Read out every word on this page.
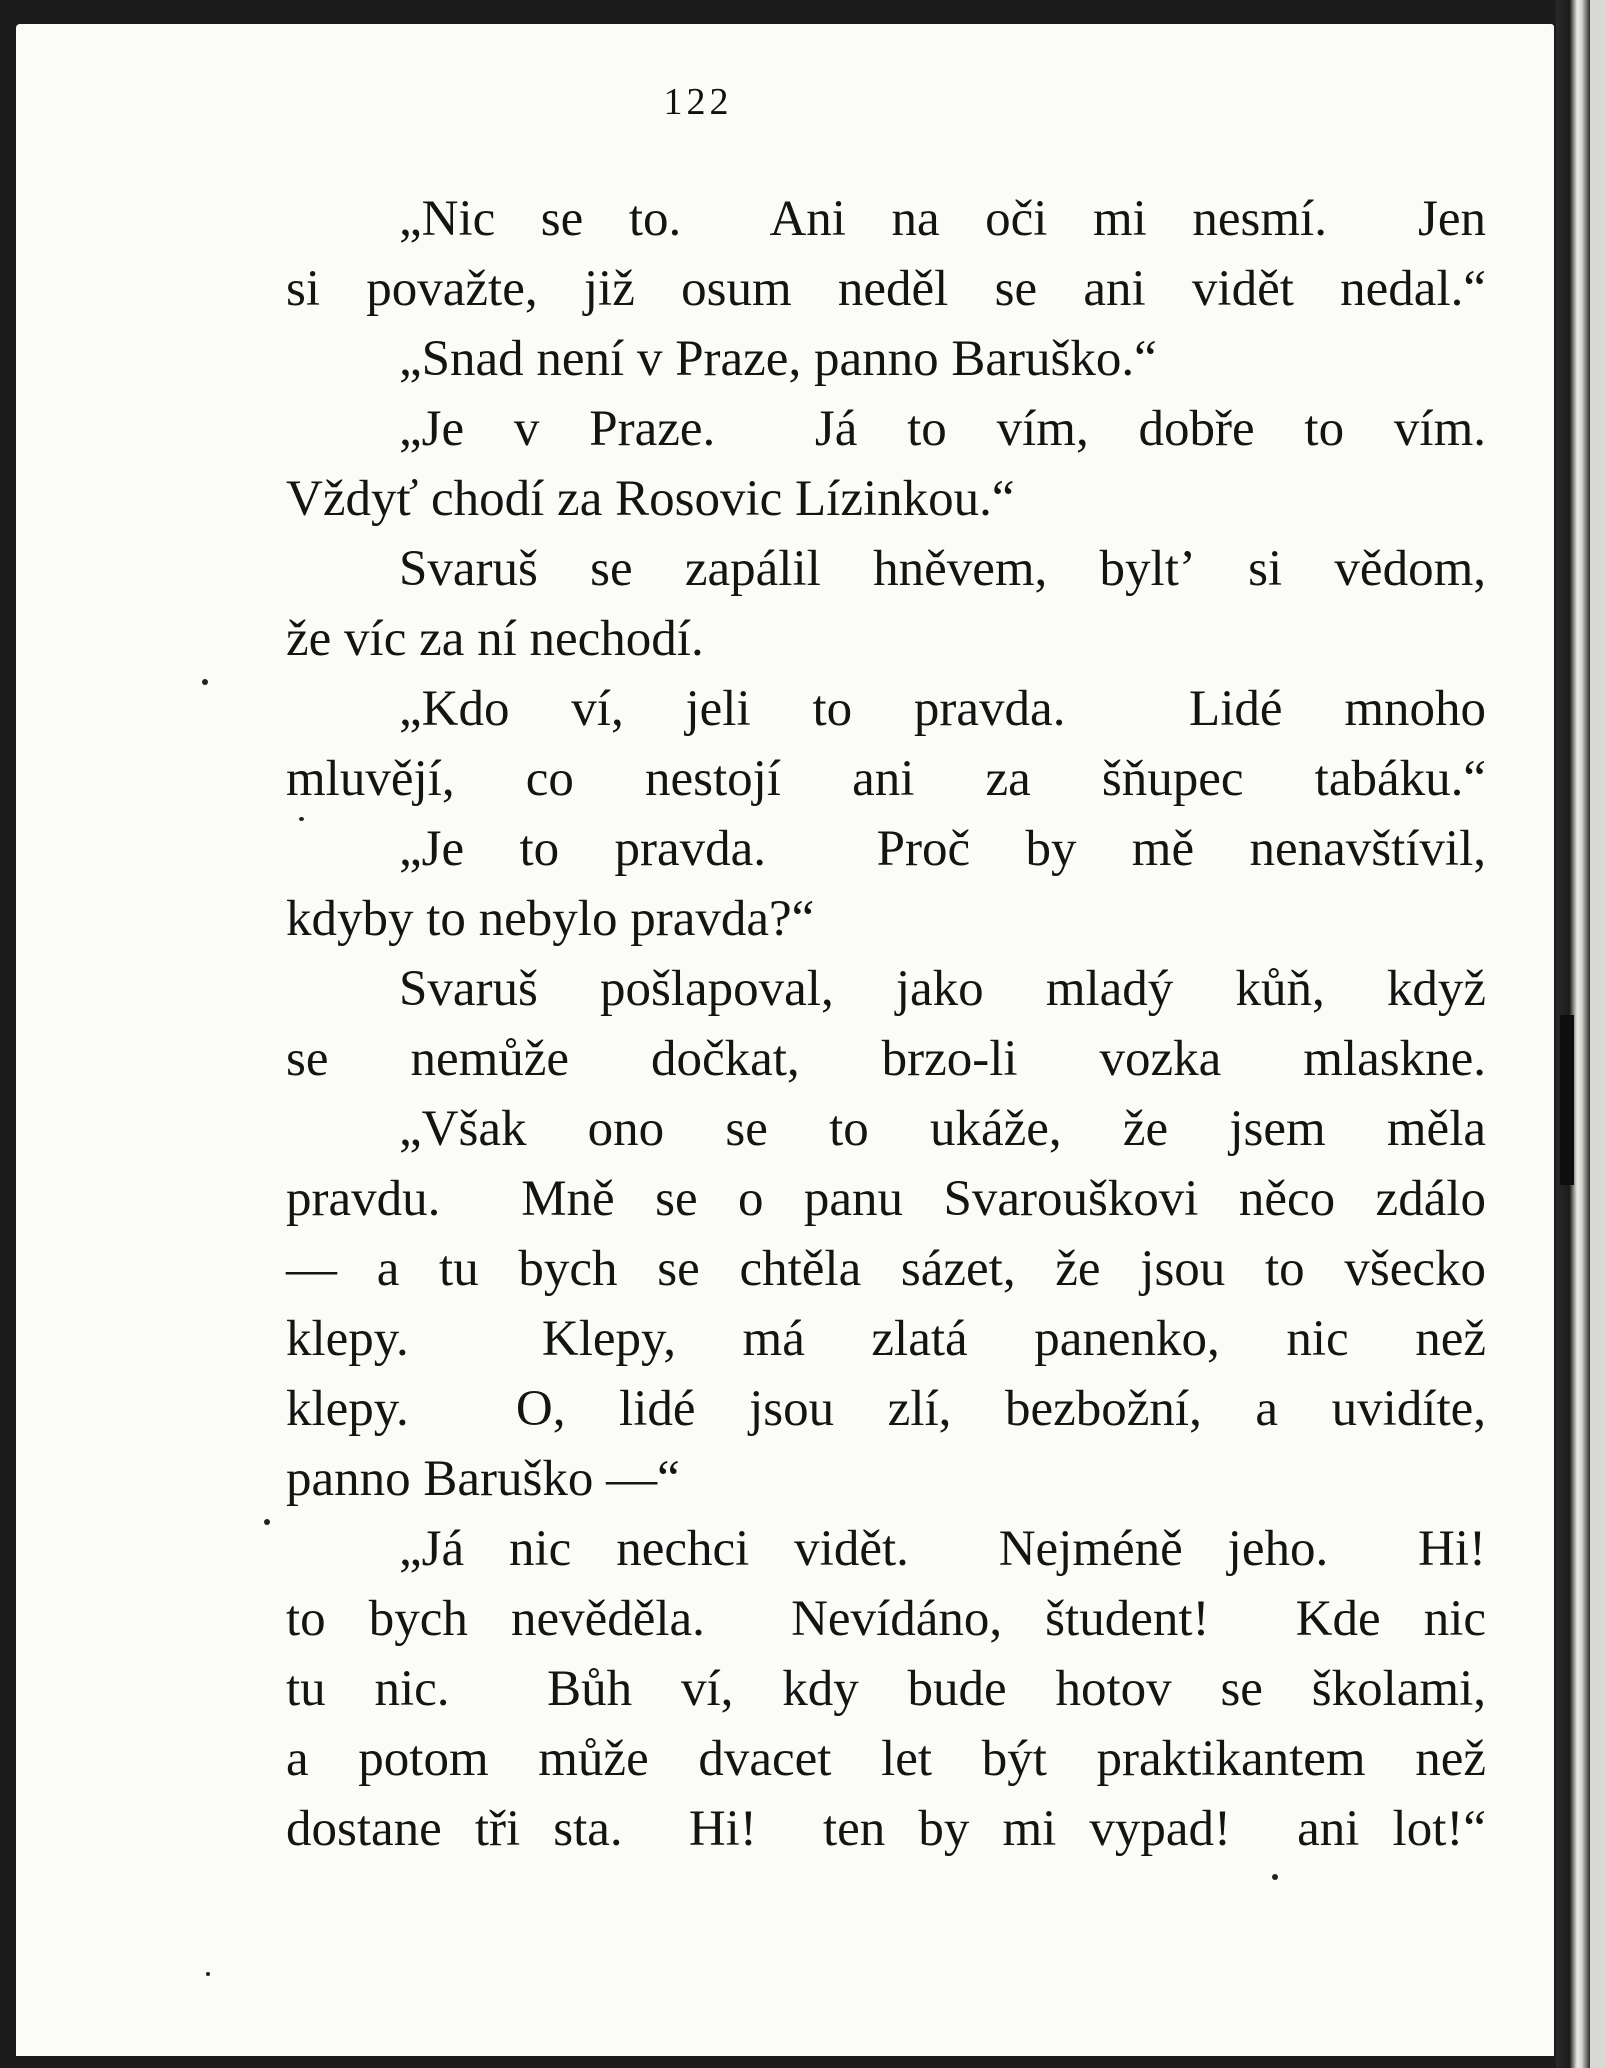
122
„Nic se to.  Ani na oči mi nesmí.  Jen
si považte, již osum neděl se ani vidět nedal.“
„Snad není v Praze, panno Baruško.“
„Je v Praze.  Já to vím, dobře to vím.
Vždyť chodí za Rosovic Lízinkou.“
Svaruš se zapálil hněvem, byltʼ si vědom,
že víc za ní nechodí.
„Kdo ví, jeli to pravda.  Lidé mnoho
mluvějí, co nestojí ani za šňupec tabáku.“
„Je to pravda.  Proč by mě nenavštívil,
kdyby to nebylo pravda?“
Svaruš pošlapoval, jako mladý kůň, když
se nemůže dočkat, brzo-li vozka mlaskne.
„Však ono se to ukáže, že jsem měla
pravdu.  Mně se o panu Svarouškovi něco zdálo
— a tu bych se chtěla sázet, že jsou to všecko
klepy.  Klepy, má zlatá panenko, nic než
klepy.  O, lidé jsou zlí, bezbožní, a uvidíte,
panno Baruško —“
„Já nic nechci vidět.  Nejméně jeho.  Hi!
to bych nevěděla.  Nevídáno, študent!  Kde nic
tu nic.  Bůh ví, kdy bude hotov se školami,
a potom může dvacet let být praktikantem než
dostane tři sta.  Hi!  ten by mi vypad!  ani lot!“
